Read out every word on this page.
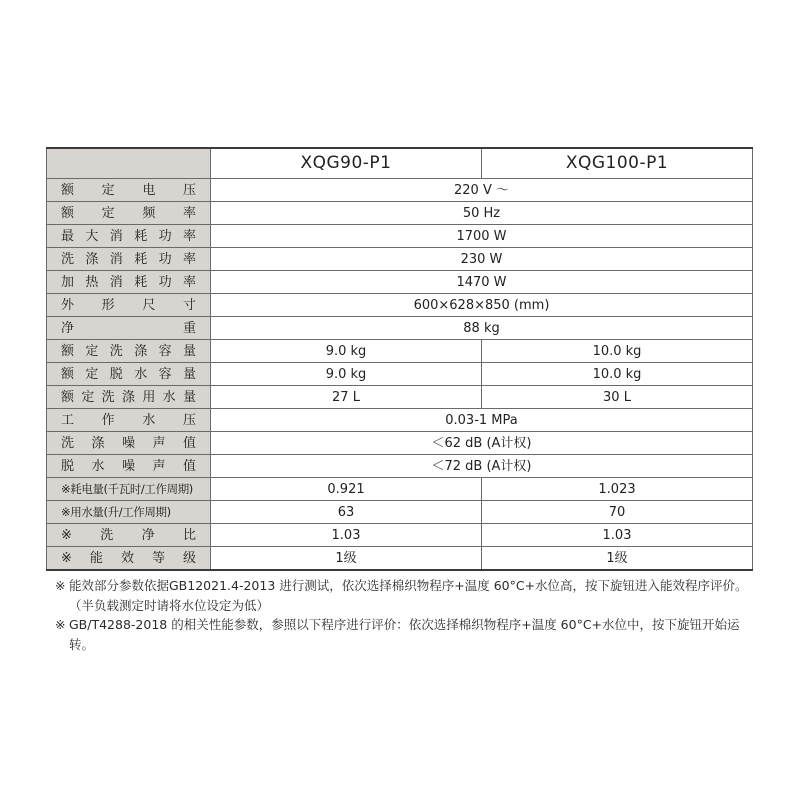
	XQG90-P1	XQG100-P1
额定电压	220 V ～	
额定频率	50 Hz	
最大消耗功率	1700 W	
洗涤消耗功率	230 W	
加热消耗功率	1470 W	
外形尺寸	600×628×850 (mm)	
净重	88 kg	
额定洗涤容量	9.0 kg	10.0 kg
额定脱水容量	9.0 kg	10.0 kg
额定洗涤用水量	27 L	30 L
工作水压	0.03-1 MPa	
洗涤噪声值	＜62 dB (A计权)	
脱水噪声值	＜72 dB (A计权)	
※耗电量(千瓦时/工作周期)	0.921	1.023
※用水量(升/工作周期)	63	70
※洗净比	1.03	1.03
※能效等级	1级	1级
※ 能效部分参数依据GB12021.4-2013 进行测试，依次选择棉织物程序+温度 60°C+水位高，按下旋钮进入能效程序评价。（半负载测定时请将水位设定为低）
※ GB/T4288-2018 的相关性能参数，参照以下程序进行评价：依次选择棉织物程序+温度 60°C+水位中，按下旋钮开始运转。
